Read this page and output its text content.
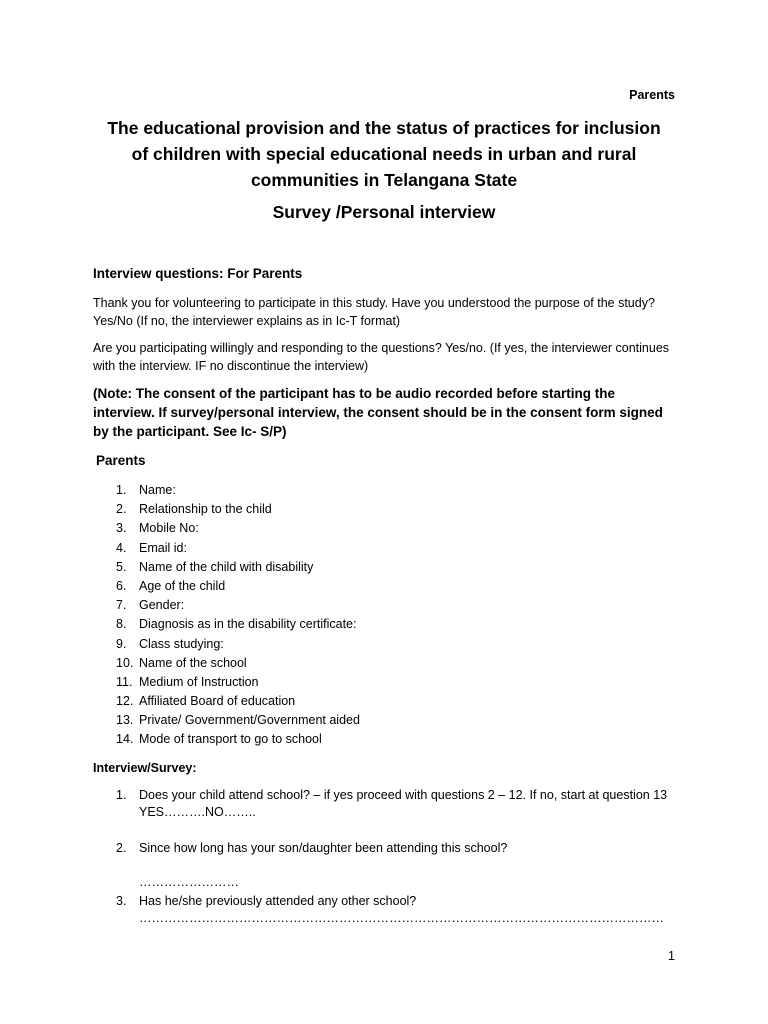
Parents
The educational provision and the status of practices for inclusion
of children with special educational needs in urban and rural
communities in Telangana State
Survey /Personal interview
Interview questions: For Parents
Thank you for volunteering to participate in this study. Have you understood the purpose of the study? Yes/No (If no, the interviewer explains as in Ic-T format)
Are you participating willingly and responding to the questions? Yes/no. (If yes, the interviewer continues with the interview. IF no discontinue the interview)
(Note: The consent of the participant has to be audio recorded before starting the interview. If survey/personal interview, the consent should be in the consent form signed by the participant. See Ic- S/P)
Parents
1.	Name:
2.	Relationship to the child
3.	Mobile No:
4.	Email id:
5.	Name of the child with disability
6.	Age of the child
7.	Gender:
8.	Diagnosis as in the disability certificate:
9.	Class studying:
10. Name of the school
11. Medium of Instruction
12. Affiliated Board of education
13. Private/ Government/Government aided
14. Mode of transport to go to school
Interview/Survey:
1. Does your child attend school? – if yes proceed with questions 2 – 12. If no, start at question 13
YES……….NO……..
2. Since how long has your son/daughter been attending this school?
……………………
3. Has he/she previously attended any other school?
………………………………………………………………………………………………………………
1
